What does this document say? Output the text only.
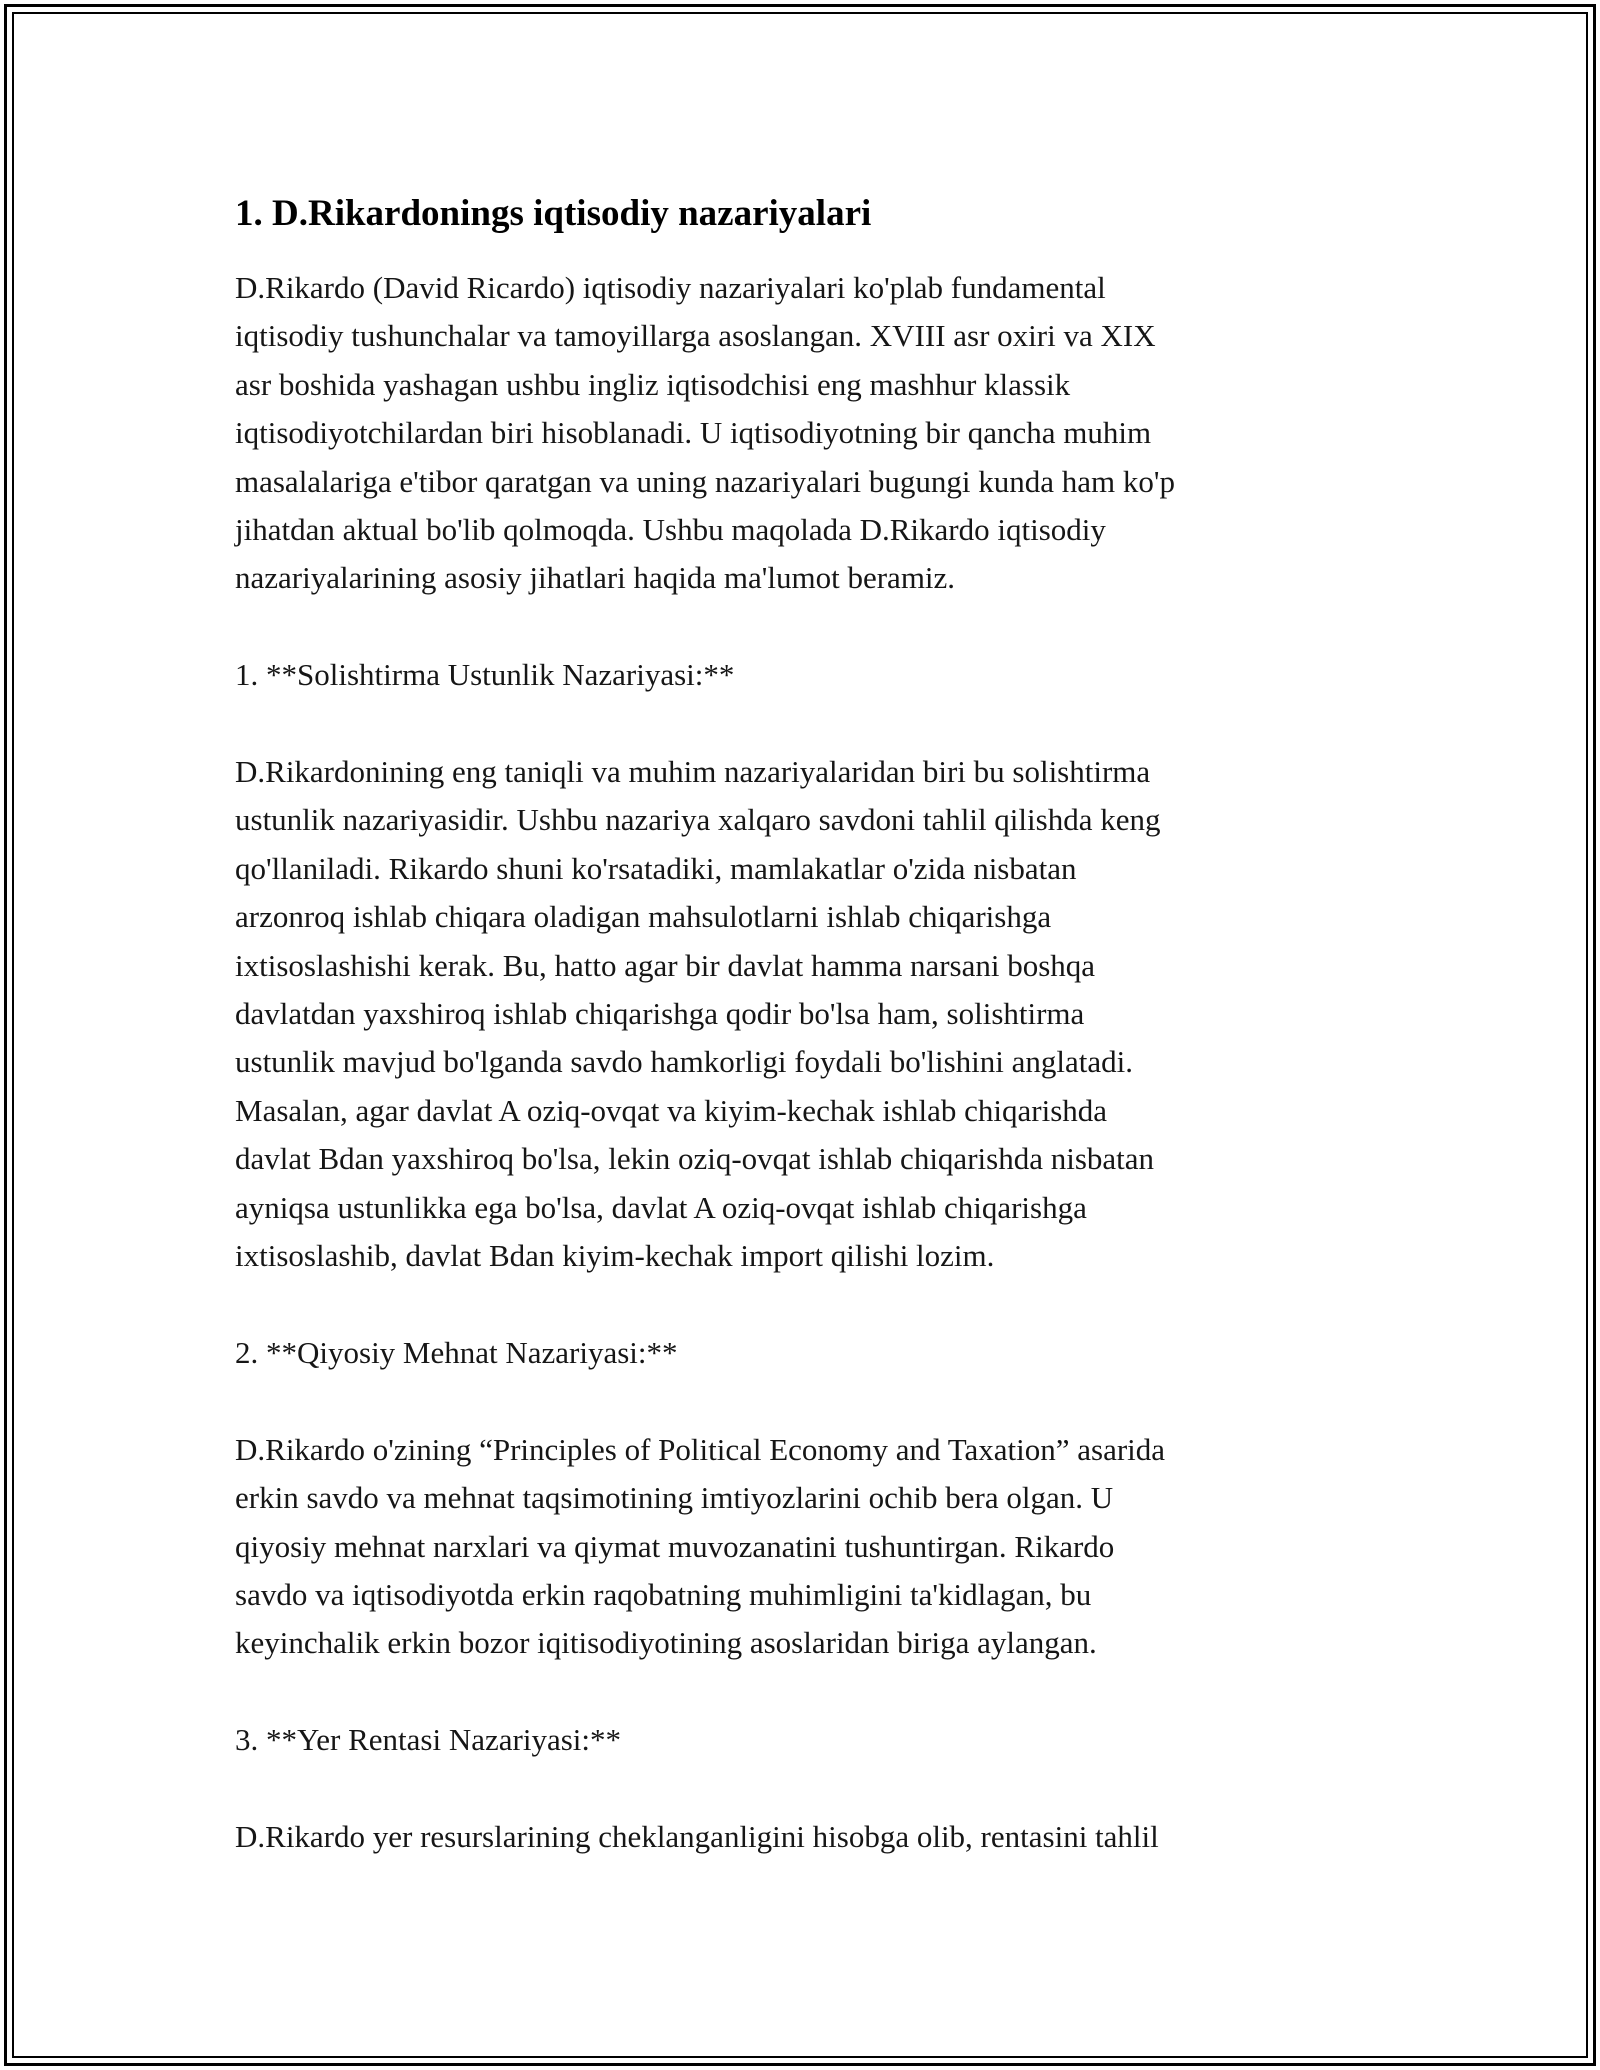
1. D.Rikardonings iqtisodiy nazariyalari

D.Rikardo (David Ricardo) iqtisodiy nazariyalari ko'plab fundamental
iqtisodiy tushunchalar va tamoyillarga asoslangan. XVIII asr oxiri va XIX
asr boshida yashagan ushbu ingliz iqtisodchisi eng mashhur klassik
iqtisodiyotchilardan biri hisoblanadi. U iqtisodiyotning bir qancha muhim
masalalariga e'tibor qaratgan va uning nazariyalari bugungi kunda ham ko'p
jihatdan aktual bo'lib qolmoqda. Ushbu maqolada D.Rikardo iqtisodiy
nazariyalarining asosiy jihatlari haqida ma'lumot beramiz.

1. **Solishtirma Ustunlik Nazariyasi:**

D.Rikardonining eng taniqli va muhim nazariyalaridan biri bu solishtirma
ustunlik nazariyasidir. Ushbu nazariya xalqaro savdoni tahlil qilishda keng
qo'llaniladi. Rikardo shuni ko'rsatadiki, mamlakatlar o'zida nisbatan
arzonroq ishlab chiqara oladigan mahsulotlarni ishlab chiqarishga
ixtisoslashishi kerak. Bu, hatto agar bir davlat hamma narsani boshqa
davlatdan yaxshiroq ishlab chiqarishga qodir bo'lsa ham, solishtirma
ustunlik mavjud bo'lganda savdo hamkorligi foydali bo'lishini anglatadi.
Masalan, agar davlat A oziq-ovqat va kiyim-kechak ishlab chiqarishda
davlat Bdan yaxshiroq bo'lsa, lekin oziq-ovqat ishlab chiqarishda nisbatan
ayniqsa ustunlikka ega bo'lsa, davlat A oziq-ovqat ishlab chiqarishga
ixtisoslashib, davlat Bdan kiyim-kechak import qilishi lozim.

2. **Qiyosiy Mehnat Nazariyasi:**

D.Rikardo o'zining “Principles of Political Economy and Taxation” asarida
erkin savdo va mehnat taqsimotining imtiyozlarini ochib bera olgan. U
qiyosiy mehnat narxlari va qiymat muvozanatini tushuntirgan. Rikardo
savdo va iqtisodiyotda erkin raqobatning muhimligini ta'kidlagan, bu
keyinchalik erkin bozor iqitisodiyotining asoslaridan biriga aylangan.

3. **Yer Rentasi Nazariyasi:**

D.Rikardo yer resurslarining cheklanganligini hisobga olib, rentasini tahlil
